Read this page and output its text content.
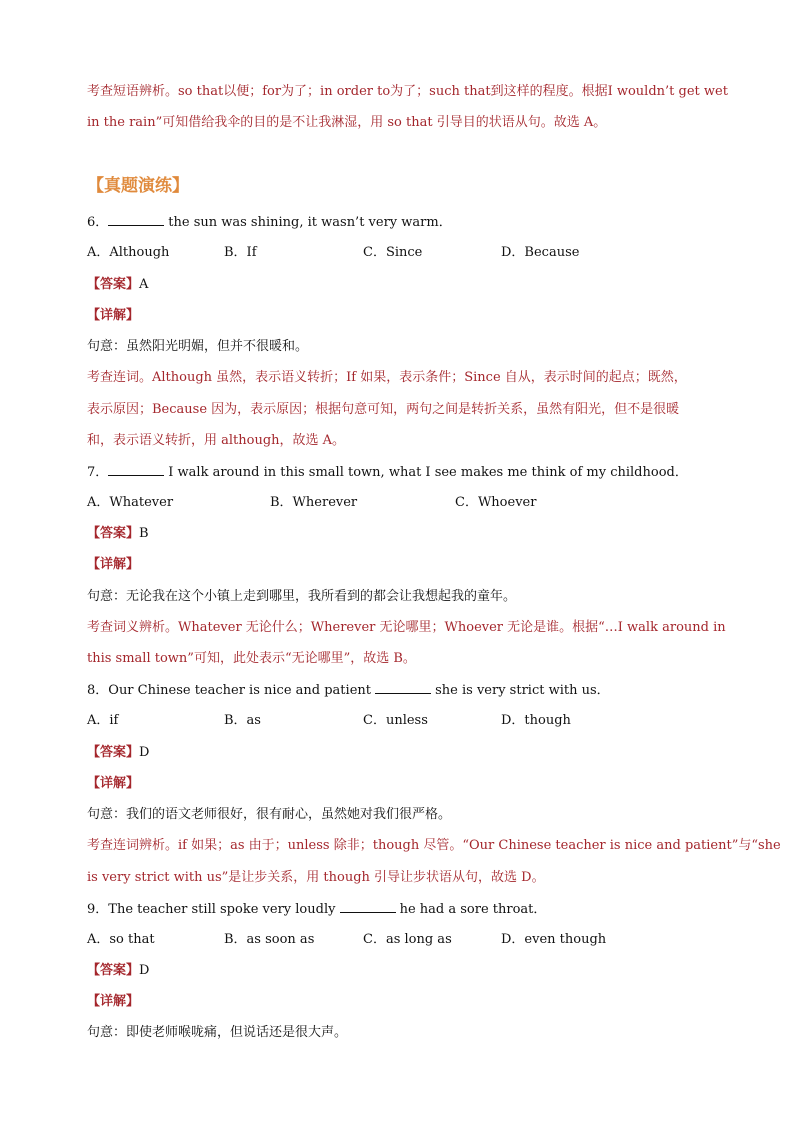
考查短语辨析。so that以便；for为了；in order to为了；such that到这样的程度。根据I wouldn’t get wet
in the rain”可知借给我伞的目的是不让我淋湿，用 so that 引导目的状语从句。故选 A。
【真题演练】
6．	the sun was shining, it wasn’t very warm．
A．Although	B．If	C．Since	D．Because
【答案】A
【详解】
句意：虽然阳光明媚，但并不很暖和。
考查连词。Although 虽然，表示语义转折；If 如果，表示条件；Since 自从，表示时间的起点；既然，
表示原因；Because 因为，表示原因；根据句意可知，两句之间是转折关系，虽然有阳光，但不是很暖
和，表示语义转折，用 although，故选 A。
7．	I walk around in this small town, what I see makes me think of my childhood．
A．Whatever	B．Wherever	C．Whoever
【答案】B
【详解】
句意：无论我在这个小镇上走到哪里，我所看到的都会让我想起我的童年。
考查词义辨析。Whatever 无论什么；Wherever 无论哪里；Whoever 无论是谁。根据“…I walk around in
this small town”可知，此处表示“无论哪里”，故选 B。
8．Our Chinese teacher is nice and patient	she is very strict with us．
A．if	B．as	C．unless	D．though
【答案】D
【详解】
句意：我们的语文老师很好，很有耐心，虽然她对我们很严格。
考查连词辨析。if 如果；as 由于；unless 除非；though 尽管。“Our Chinese teacher is nice and patient”与“she
is very strict with us”是让步关系，用 though 引导让步状语从句，故选 D。
9．The teacher still spoke very loudly	he had a sore throat．
A．so that	B．as soon as	C．as long as	D．even though
【答案】D
【详解】
句意：即使老师喉咙痛，但说话还是很大声。
